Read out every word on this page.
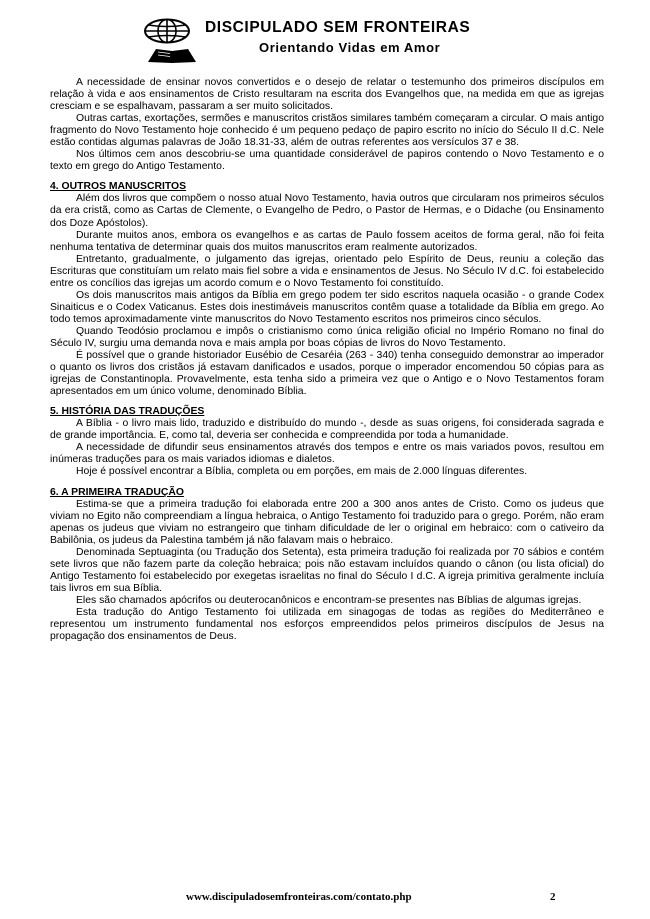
DISCIPULADO SEM FRONTEIRAS
Orientando Vidas em Amor

A necessidade de ensinar novos convertidos e o desejo de relatar o testemunho dos primeiros discípulos em relação à vida e aos ensinamentos de Cristo resultaram na escrita dos Evangelhos que, na medida em que as igrejas cresciam e se espalhavam, passaram a ser muito solicitados.

Outras cartas, exortações, sermões e manuscritos cristãos similares também começaram a circular. O mais antigo fragmento do Novo Testamento hoje conhecido é um pequeno pedaço de papiro escrito no início do Século II d.C. Nele estão contidas algumas palavras de João 18.31-33, além de outras referentes aos versículos 37 e 38.

Nos últimos cem anos descobriu-se uma quantidade considerável de papiros contendo o Novo Testamento e o texto em grego do Antigo Testamento.

4. OUTROS MANUSCRITOS

Além dos livros que compõem o nosso atual Novo Testamento, havia outros que circularam nos primeiros séculos da era cristã, como as Cartas de Clemente, o Evangelho de Pedro, o Pastor de Hermas, e o Didache (ou Ensinamento dos Doze Apóstolos).

Durante muitos anos, embora os evangelhos e as cartas de Paulo fossem aceitos de forma geral, não foi feita nenhuma tentativa de determinar quais dos muitos manuscritos eram realmente autorizados.

Entretanto, gradualmente, o julgamento das igrejas, orientado pelo Espírito de Deus, reuniu a coleção das Escrituras que constituíam um relato mais fiel sobre a vida e ensinamentos de Jesus. No Século IV d.C. foi estabelecido entre os concílios das igrejas um acordo comum e o Novo Testamento foi constituído.

Os dois manuscritos mais antigos da Bíblia em grego podem ter sido escritos naquela ocasião - o grande Codex Sinaiticus e o Codex Vaticanus. Estes dois inestimáveis manuscritos contêm quase a totalidade da Bíblia em grego. Ao todo temos aproximadamente vinte manuscritos do Novo Testamento escritos nos primeiros cinco séculos.

Quando Teodósio proclamou e impôs o cristianismo como única religião oficial no Império Romano no final do Século IV, surgiu uma demanda nova e mais ampla por boas cópias de livros do Novo Testamento.

É possível que o grande historiador Eusébio de Cesaréia (263 - 340) tenha conseguido demonstrar ao imperador o quanto os livros dos cristãos já estavam danificados e usados, porque o imperador encomendou 50 cópias para as igrejas de Constantinopla. Provavelmente, esta tenha sido a primeira vez que o Antigo e o Novo Testamentos foram apresentados em um único volume, denominado Bíblia.

5. HISTÓRIA DAS TRADUÇÕES

A Bíblia - o livro mais lido, traduzido e distribuído do mundo -, desde as suas origens, foi considerada sagrada e de grande importância. E, como tal, deveria ser conhecida e compreendida por toda a humanidade.

A necessidade de difundir seus ensinamentos através dos tempos e entre os mais variados povos, resultou em inúmeras traduções para os mais variados idiomas e dialetos.

Hoje é possível encontrar a Bíblia, completa ou em porções, em mais de 2.000 línguas diferentes.

6. A PRIMEIRA TRADUÇÃO

Estima-se que a primeira tradução foi elaborada entre 200 a 300 anos antes de Cristo. Como os judeus que viviam no Egito não compreendiam a língua hebraica, o Antigo Testamento foi traduzido para o grego. Porém, não eram apenas os judeus que viviam no estrangeiro que tinham dificuldade de ler o original em hebraico: com o cativeiro da Babilônia, os judeus da Palestina também já não falavam mais o hebraico.

Denominada Septuaginta (ou Tradução dos Setenta), esta primeira tradução foi realizada por 70 sábios e contém sete livros que não fazem parte da coleção hebraica; pois não estavam incluídos quando o cânon (ou lista oficial) do Antigo Testamento foi estabelecido por exegetas israelitas no final do Século I d.C. A igreja primitiva geralmente incluía tais livros em sua Bíblia.

Eles são chamados apócrifos ou deuterocanônicos e encontram-se presentes nas Bíblias de algumas igrejas.

Esta tradução do Antigo Testamento foi utilizada em sinagogas de todas as regiões do Mediterrâneo e representou um instrumento fundamental nos esforços empreendidos pelos primeiros discípulos de Jesus na propagação dos ensinamentos de Deus.

www.discipuladosemfronteiras.com/contato.php	2
